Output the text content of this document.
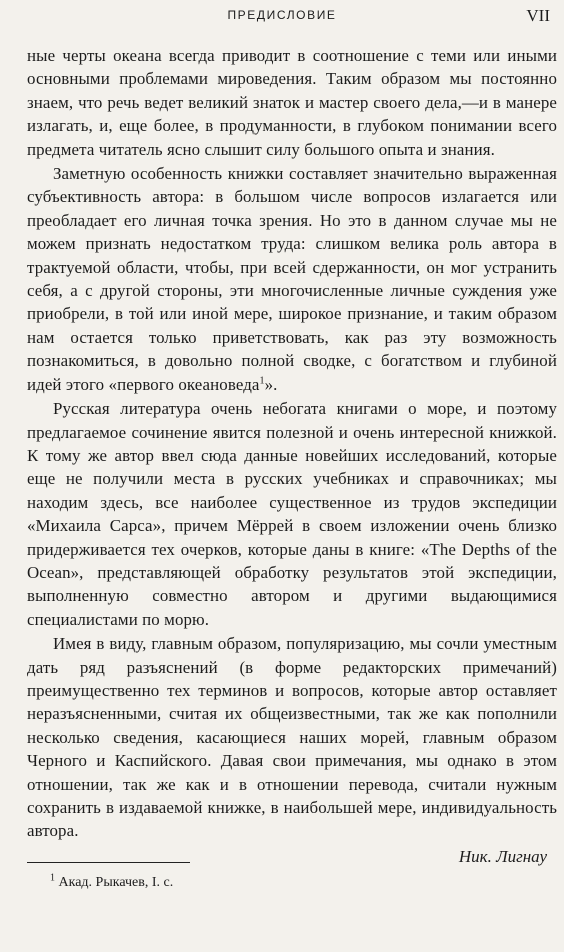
ПРЕДИСЛОВИЕ	VII

ные черты океана всегда приводит в соотношение с теми или иными основными проблемами мироведения. Таким образом мы постоянно знаем, что речь ведет великий знаток и мастер своего дела,—и в манере излагать, и, еще более, в продуманности, в глубоком понимании всего предмета читатель ясно слышит силу большого опыта и знания.

Заметную особенность книжки составляет значительно выраженная субъективность автора: в большом числе вопросов излагается или преобладает его личная точка зрения. Но это в данном случае мы не можем признать недостатком труда: слишком велика роль автора в трактуемой области, чтобы, при всей сдержанности, он мог устранить себя, а с другой стороны, эти многочисленные личные суждения уже приобрели, в той или иной мере, широкое признание, и таким образом нам остается только приветствовать, как раз эту возможность познакомиться, в довольно полной сводке, с богатством и глубиной идей этого «первого океановеда$^1$».

Русская литература очень небогата книгами о море, и поэтому предлагаемое сочинение явится полезной и очень интересной книжкой. К тому же автор ввел сюда данные новейших исследований, которые еще не получили места в русских учебниках и справочниках; мы находим здесь, все наиболее существенное из трудов экспедиции «Михаила Сарса», причем Мёррей в своем изложении очень близко придерживается тех очерков, которые даны в книге: «The Depths of the Ocean», представляющей обработку результатов этой экспедиции, выполненную совместно автором и другими выдающимися специалистами по морю.

Имея в виду, главным образом, популяризацию, мы сочли уместным дать ряд разъяснений (в форме редакторских примечаний) преимущественно тех терминов и вопросов, которые автор оставляет неразъясненными, считая их общеизвестными, так же как пополнили несколько сведения, касающиеся наших морей, главным образом Черного и Каспийского. Давая свои примечания, мы однако в этом отношении, так же как и в отношении перевода, считали нужным сохранить в издаваемой книжке, в наибольшей мере, индивидуальность автора.

Ник. Лигнау
$^1$ Акад. Рыкачев, I. c.
